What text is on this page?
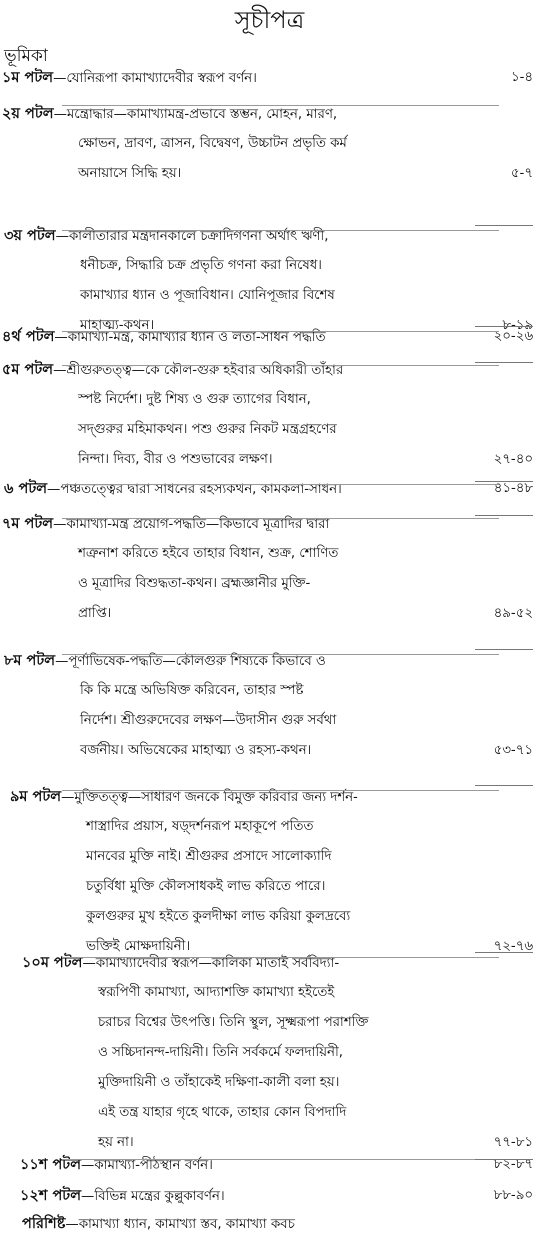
সূচীপত্র
ভূমিকা
১ম পটল—যোনিরূপা কামাখ্যাদেবীর স্বরূপ বর্ণন।	১-৪
২য় পটল—মন্ত্রোদ্ধার—কামাখ্যামন্ত্র-প্রভাবে স্তম্ভন, মোহন, মারণ,
ক্ষোভন, দ্রাবণ, ত্রাসন, বিদ্বেষণ, উচ্চাটন প্রভৃতি কর্ম
অনায়াসে সিদ্ধি হয়।	৫-৭
৩য় পটল—কালীতারার মন্ত্রদানকালে চক্রাদিগণনা অর্থাৎ ঋণী,
ধনীচক্র, সিদ্ধারি চক্র প্রভৃতি গণনা করা নিষেধ।
কামাখ্যার ধ্যান ও পূজাবিধান। যোনিপূজার বিশেষ
মাহাত্ম্য-কথন।	৮-১৯
৪র্থ পটল—কামাখ্যা-মন্ত্র, কামাখ্যার ধ্যান ও লতা-সাধন পদ্ধতি	২০-২৬
৫ম পটল—শ্রীগুরুতত্ত্ব—কে কৌল-গুরু হইবার অধিকারী তাঁহার
স্পষ্ট নির্দেশ। দুষ্ট শিষ্য ও গুরু ত্যাগের বিধান,
সদ্গুরুর মহিমাকথন। পশু গুরুর নিকট মন্ত্রগ্রহণের
নিন্দা। দিব্য, বীর ও পশুভাবের লক্ষণ।	২৭-৪০
৬ পটল—পঞ্চতত্ত্বের দ্বারা সাধনের রহস্যকথন, কামকলা-সাধন।	৪১-৪৮
৭ম পটল—কামাখ্যা-মন্ত্র প্রয়োগ-পদ্ধতি—কিভাবে মূত্রাদির দ্বারা
শত্রুনাশ করিতে হইবে তাহার বিধান, শুক্র, শোণিত
ও মূত্রাদির বিশুদ্ধতা-কথন। ব্রহ্মজ্ঞানীর মুক্তি-
প্রাপ্তি।	৪৯-৫২
৮ম পটল—পূর্ণাভিষেক-পদ্ধতি—কৌলগুরু শিষ্যকে কিভাবে ও
কি কি মন্ত্রে অভিষিক্ত করিবেন, তাহার স্পষ্ট
নির্দেশ। শ্রীগুরুদেবের লক্ষণ—উদাসীন গুরু সর্বথা
বর্জনীয়। অভিষেকের মাহাত্ম্য ও রহস্য-কথন।	৫৩-৭১
৯ম পটল—মুক্তিতত্ত্ব—সাধারণ জনকে বিমুক্ত করিবার জন্য দর্শন-
শাস্ত্রাদির প্রয়াস, ষড়্দর্শনরূপ মহাকূপে পতিত
মানবের মুক্তি নাই। শ্রীগুরুর প্রসাদে সালোক্যাদি
চতুর্বিধা মুক্তি কৌলসাধকই লাভ করিতে পারে।
কুলগুরুর মুখ হইতে কুলদীক্ষা লাভ করিয়া কুলদ্রব্যে
ভক্তিই মোক্ষদায়িনী।	৭২-৭৬
১০ম পটল—কামাখ্যাদেবীর স্বরূপ—কালিকা মাতাই সর্ববিদ্যা-
স্বরূপিণী কামাখ্যা, আদ্যাশক্তি কামাখ্যা হইতেই
চরাচর বিশ্বের উৎপত্তি। তিনি স্থুল, সূক্ষ্মরূপা পরাশক্তি
ও সচ্চিদানন্দ-দায়িনী। তিনি সর্বকর্মে ফলদায়িনী,
মুক্তিদায়িনী ও তাঁহাকেই দক্ষিণা-কালী বলা হয়।
এই তন্ত্র যাহার গৃহে থাকে, তাহার কোন বিপদাদি
হয় না।	৭৭-৮১
১১শ পটল—কামাখ্যা-পীঠস্থান বর্ণন।	৮২-৮৭
১২শ পটল—বিভিন্ন মন্ত্রের কুল্লুকাবর্ণন।	৮৮-৯০
পরিশিষ্ট—কামাখ্যা ধ্যান, কামাখ্যা স্তব, কামাখ্যা কবচ
